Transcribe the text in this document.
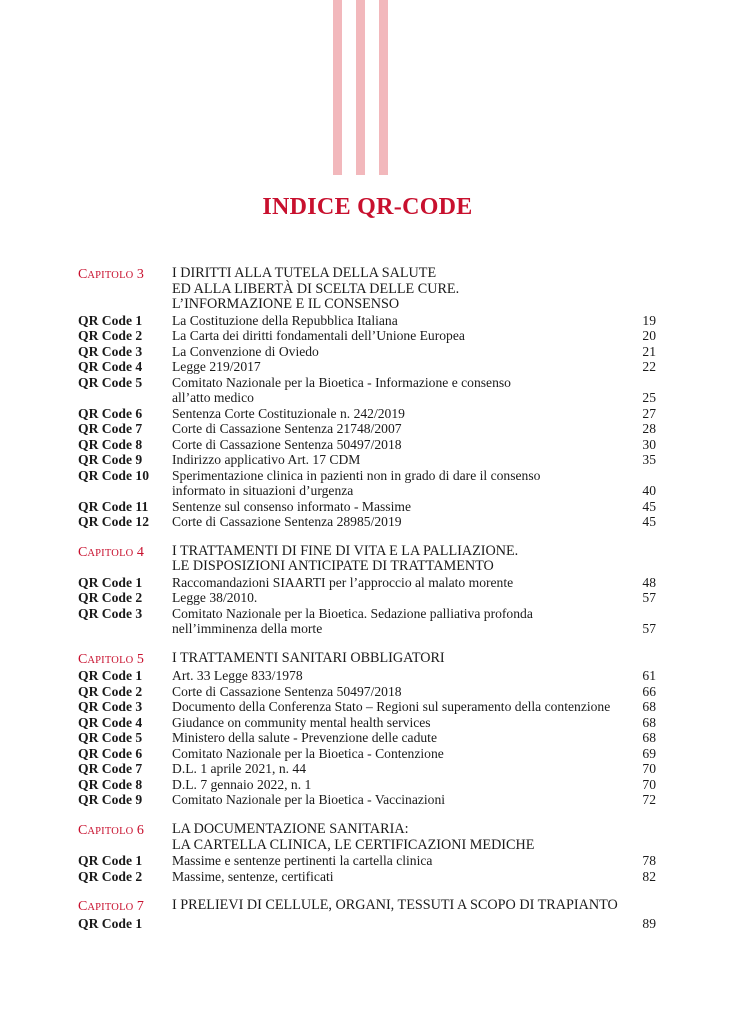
INDICE QR-CODE
CAPITOLO 3	I DIRITTI ALLA TUTELA DELLA SALUTE
ED ALLA LIBERTÀ DI SCELTA DELLE CURE.
L’INFORMAZIONE E IL CONSENSO
QR Code 1	La Costituzione della Repubblica Italiana	19
QR Code 2	La Carta dei diritti fondamentali dell’Unione Europea	20
QR Code 3	La Convenzione di Oviedo	21
QR Code 4	Legge 219/2017	22
QR Code 5	Comitato Nazionale per la Bioetica - Informazione e consenso
all’atto medico	25
QR Code 6	Sentenza Corte Costituzionale n. 242/2019	27
QR Code 7	Corte di Cassazione Sentenza 21748/2007	28
QR Code 8	Corte di Cassazione Sentenza 50497/2018	30
QR Code 9	Indirizzo applicativo Art. 17 CDM	35
QR Code 10	Sperimentazione clinica in pazienti non in grado di dare il consenso
informato in situazioni d’urgenza	40
QR Code 11	Sentenze sul consenso informato - Massime	45
QR Code 12	Corte di Cassazione Sentenza 28985/2019	45
CAPITOLO 4	I TRATTAMENTI DI FINE DI VITA E LA PALLIAZIONE.
LE DISPOSIZIONI ANTICIPATE DI TRATTAMENTO
QR Code 1	Raccomandazioni SIAARTI per l’approccio al malato morente	48
QR Code 2	Legge 38/2010.	57
QR Code 3	Comitato Nazionale per la Bioetica. Sedazione palliativa profonda
nell’imminenza della morte	57
CAPITOLO 5	I TRATTAMENTI SANITARI OBBLIGATORI
QR Code 1	Art. 33 Legge 833/1978	61
QR Code 2	Corte di Cassazione Sentenza 50497/2018	66
QR Code 3	Documento della Conferenza Stato – Regioni sul superamento della contenzione	68
QR Code 4	Giudance on community mental health services	68
QR Code 5	Ministero della salute - Prevenzione delle cadute	68
QR Code 6	Comitato Nazionale per la Bioetica - Contenzione	69
QR Code 7	D.L. 1 aprile 2021, n. 44	70
QR Code 8	D.L. 7 gennaio 2022, n. 1	70
QR Code 9	Comitato Nazionale per la Bioetica - Vaccinazioni	72
CAPITOLO 6	LA DOCUMENTAZIONE SANITARIA:
LA CARTELLA CLINICA, LE CERTIFICAZIONI MEDICHE
QR Code 1	Massime e sentenze pertinenti la cartella clinica	78
QR Code 2	Massime, sentenze, certificati	82
CAPITOLO 7	I PRELIEVI DI CELLULE, ORGANI, TESSUTI A SCOPO DI TRAPIANTO
QR Code 1	89
